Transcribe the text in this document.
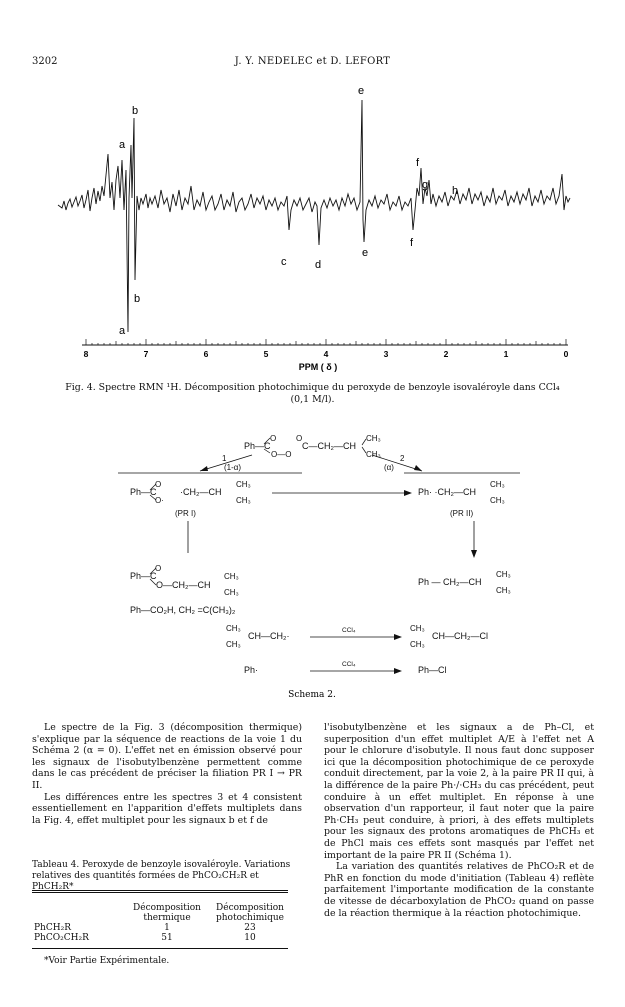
3202	J. Y. NEDELEC et D. LEFORT
a
b
b
a
c	d
e
e
f
f
g h
8	7	6	5	4	3	2	1	0
PPM ( δ )
Fig. 4. Spectre RMN ¹H. Décomposition photochimique du peroxyde de benzoyle isovaléroyle dans CCl₄
(0,1 M/l).
Ph—C
O
O—O
O
C—CH₂—CH
CH₃
CH₃
1
(1-α)
2
(α)
Ph—C
O
O·
·CH₂—CH
CH₃
CH₃
(PR I)
Ph· ·CH₂—CH
CH₃
CH₃
(PR II)
Ph—C
O
O—CH₂—CH
CH₃
CH₃
Ph — CH₂—CH
CH₃
CH₃
Ph—CO₂H, CH₂ =C(CH₃)₂
CH₃
CH₃
CH—CH₂·
CCl₄	CH₃
CH₃
CH—CH₂—Cl
Ph·
CCl₄
Ph—Cl
Schema 2.

Le spectre de la Fig. 3 (décomposition thermique) s'explique par la séquence de reactions de la voie 1 du Schéma 2 (α = 0). L'effet net en émission observé pour les signaux de l'isobutylbenzène permettent comme dans le cas précédent de préciser la filiation PR I → PR II.

Les différences entre les spectres 3 et 4 consistent essentiellement en l'apparition d'effets multiplets dans la Fig. 4, effet multiplet pour les signaux b et f de

Tableau 4. Peroxyde de benzoyle isovaléroyle. Variations relatives des quantités formées de PhCO₂CH₂R et PhCH₂R*
	Décomposition thermique	Décomposition photochimique
PhCH₂R	1	23
PhCO₂CH₂R	51	10
*Voir Partie Expérimentale.

l'isobutylbenzène et les signaux a de Ph–Cl, et superposition d'un effet multiplet A/E à l'effet net A pour le chlorure d'isobutyle. Il nous faut donc supposer ici que la décomposition photochimique de ce peroxyde conduit directement, par la voie 2, à la paire PR II qui, à la différence de la paire Ph·/·CH₃ du cas précédent, peut conduire à un effet multiplet. En réponse à une observation d'un rapporteur, il faut noter que la paire Ph·CH₃ peut conduire, à priori, à des effets multiplets pour les signaux des protons aromatiques de PhCH₃ et de PhCl mais ces effets sont masqués par l'effet net important de la paire PR II (Schéma 1).

La variation des quantités relatives de PhCO₂R et de PhR en fonction du mode d'initiation (Tableau 4) reflète parfaitement l'importante modification de la constante de vitesse de décarboxylation de PhCO₂ quand on passe de la réaction thermique à la réaction photochimique.
